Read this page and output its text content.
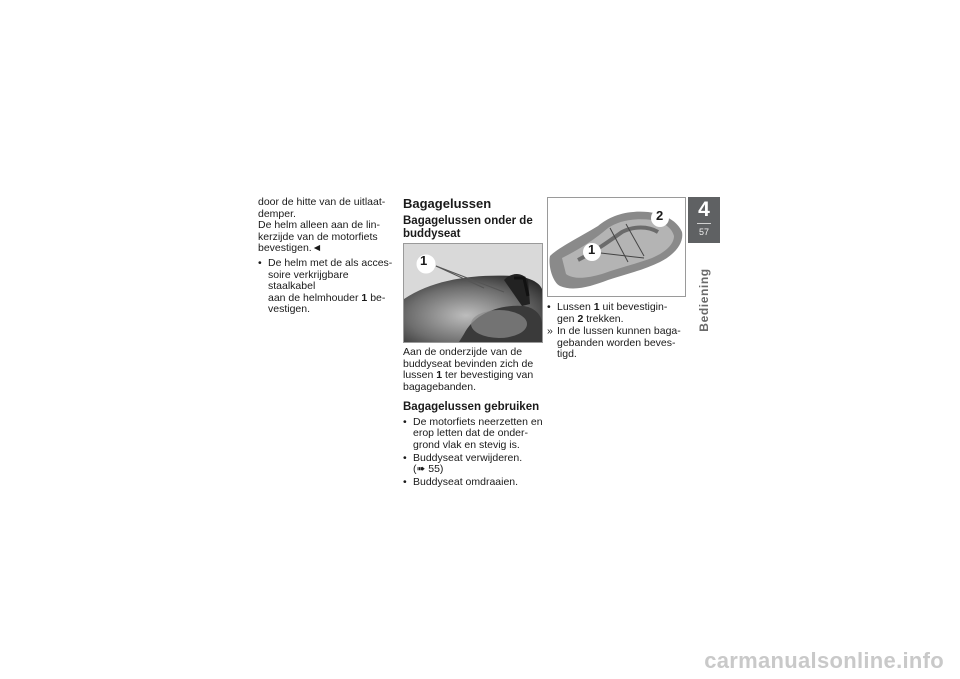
door de hitte van de uitlaat-demper.

De helm alleen aan de lin-kerzijde van de motorfiets bevestigen.◄

• De helm met de als acces-
soire verkrijgbare staalkabel
aan de helmhouder 1 be-
vestigen.
Bagagelussen
Bagagelussen onder de
buddyseat
1
Aan de onderzijde van de
buddyseat bevinden zich de
lussen 1 ter bevestiging van
bagagebanden.
Bagagelussen gebruiken
• De motorfiets neerzetten en
erop letten dat de onder-
grond vlak en stevig is.
• Buddyseat verwijderen.
(➠ 55)
• Buddyseat omdraaien.
1
2
• Lussen 1 uit bevestigin-
gen 2 trekken.
» In de lussen kunnen baga-
gebanden worden beves-
tigd.
4
57
Bediening
carmanualsonline.info
